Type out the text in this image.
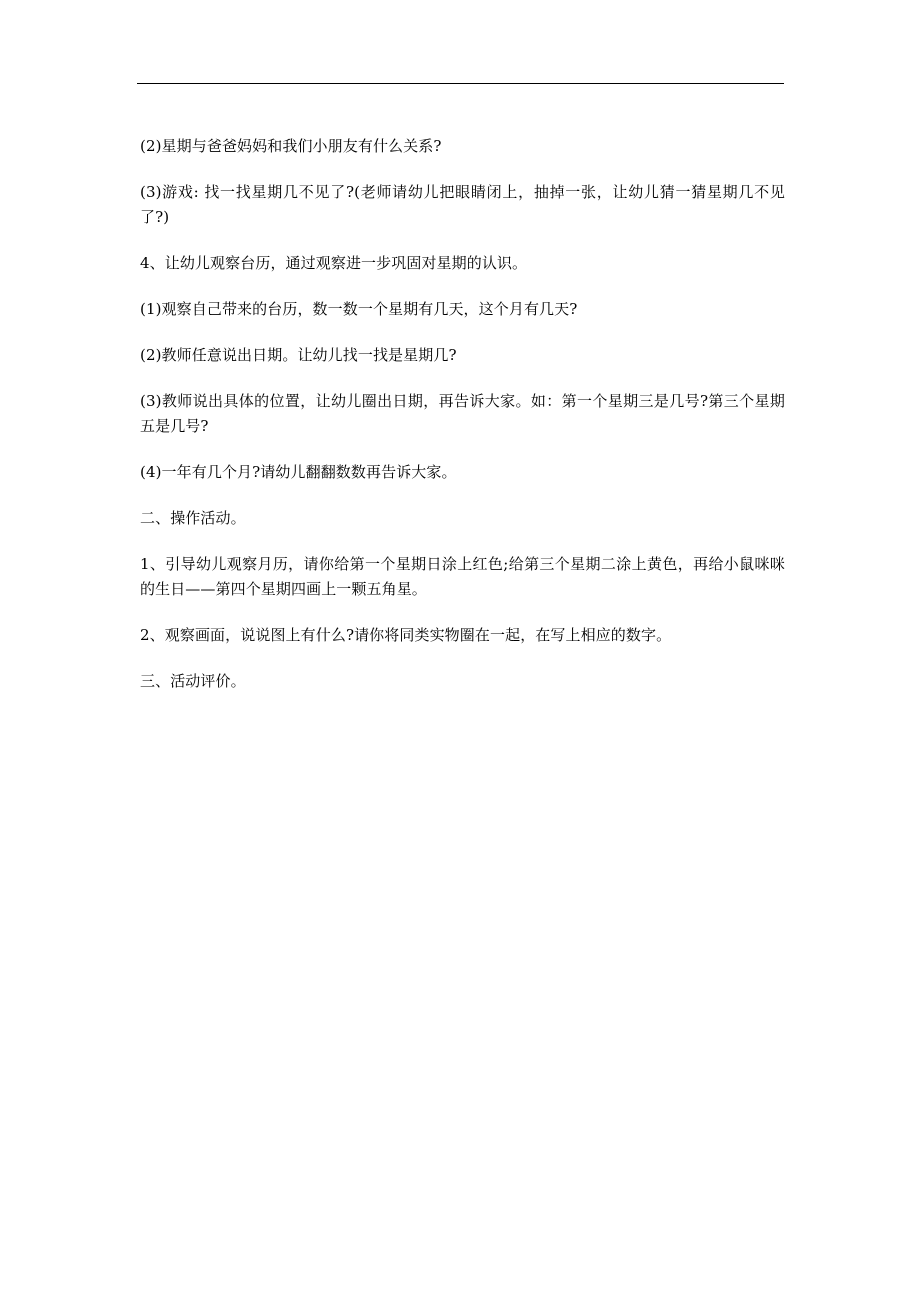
(2)星期与爸爸妈妈和我们小朋友有什么关系?

(3)游戏: 找一找星期几不见了?(老师请幼儿把眼睛闭上，抽掉一张，让幼儿猜一猜星期几不见了?)

4、让幼儿观察台历，通过观察进一步巩固对星期的认识。

(1)观察自己带来的台历，数一数一个星期有几天，这个月有几天?

(2)教师任意说出日期。让幼儿找一找是星期几?

(3)教师说出具体的位置，让幼儿圈出日期，再告诉大家。如：第一个星期三是几号?第三个星期五是几号?

(4)一年有几个月?请幼儿翻翻数数再告诉大家。

二、操作活动。

1、引导幼儿观察月历，请你给第一个星期日涂上红色;给第三个星期二涂上黄色，再给小鼠咪咪的生日——第四个星期四画上一颗五角星。

2、观察画面，说说图上有什么?请你将同类实物圈在一起，在写上相应的数字。

三、活动评价。
